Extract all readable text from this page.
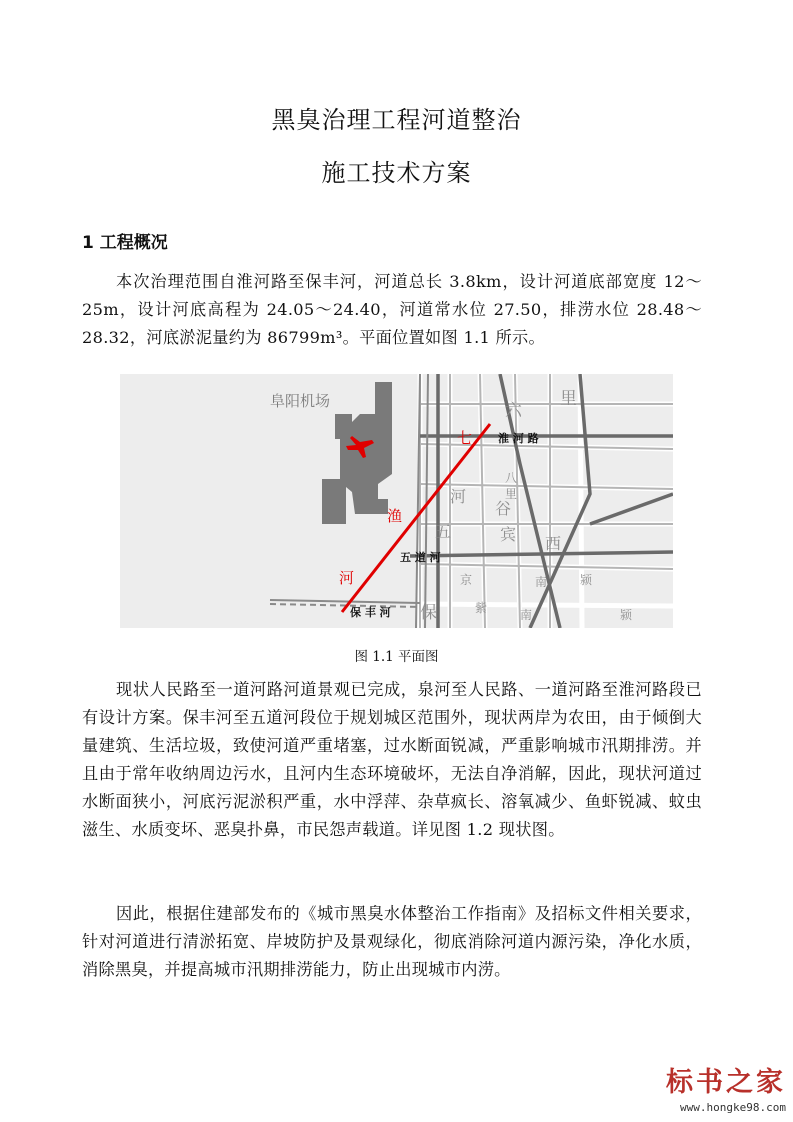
黑臭治理工程河道整治
施工技术方案
1 工程概况
本次治理范围自淮河路至保丰河，河道总长 3.8km，设计河道底部宽度 12～25m，设计河底高程为 24.05～24.40，河道常水位 27.50，排涝水位 28.48～28.32，河底淤泥量约为 86799m³。平面位置如图 1.1 所示。
阜阳机场
七
渔
河
淮 河 路
五 道 河
保 丰 河
六
里
八
里
河
谷
五	宾 西
京	南	颍
保	紫	南	颍
图 1.1 平面图
现状人民路至一道河路河道景观已完成，泉河至人民路、一道河路至淮河路段已有设计方案。保丰河至五道河段位于规划城区范围外，现状两岸为农田，由于倾倒大量建筑、生活垃圾，致使河道严重堵塞，过水断面锐减，严重影响城市汛期排涝。并且由于常年收纳周边污水，且河内生态环境破坏，无法自净消解，因此，现状河道过水断面狭小，河底污泥淤积严重，水中浮萍、杂草疯长、溶氧减少、鱼虾锐减、蚊虫滋生、水质变坏、恶臭扑鼻，市民怨声载道。详见图 1.2 现状图。
因此，根据住建部发布的《城市黑臭水体整治工作指南》及招标文件相关要求，针对河道进行清淤拓宽、岸坡防护及景观绿化，彻底消除河道内源污染，净化水质，消除黑臭，并提高城市汛期排涝能力，防止出现城市内涝。
标书之家
www.hongke98.com
